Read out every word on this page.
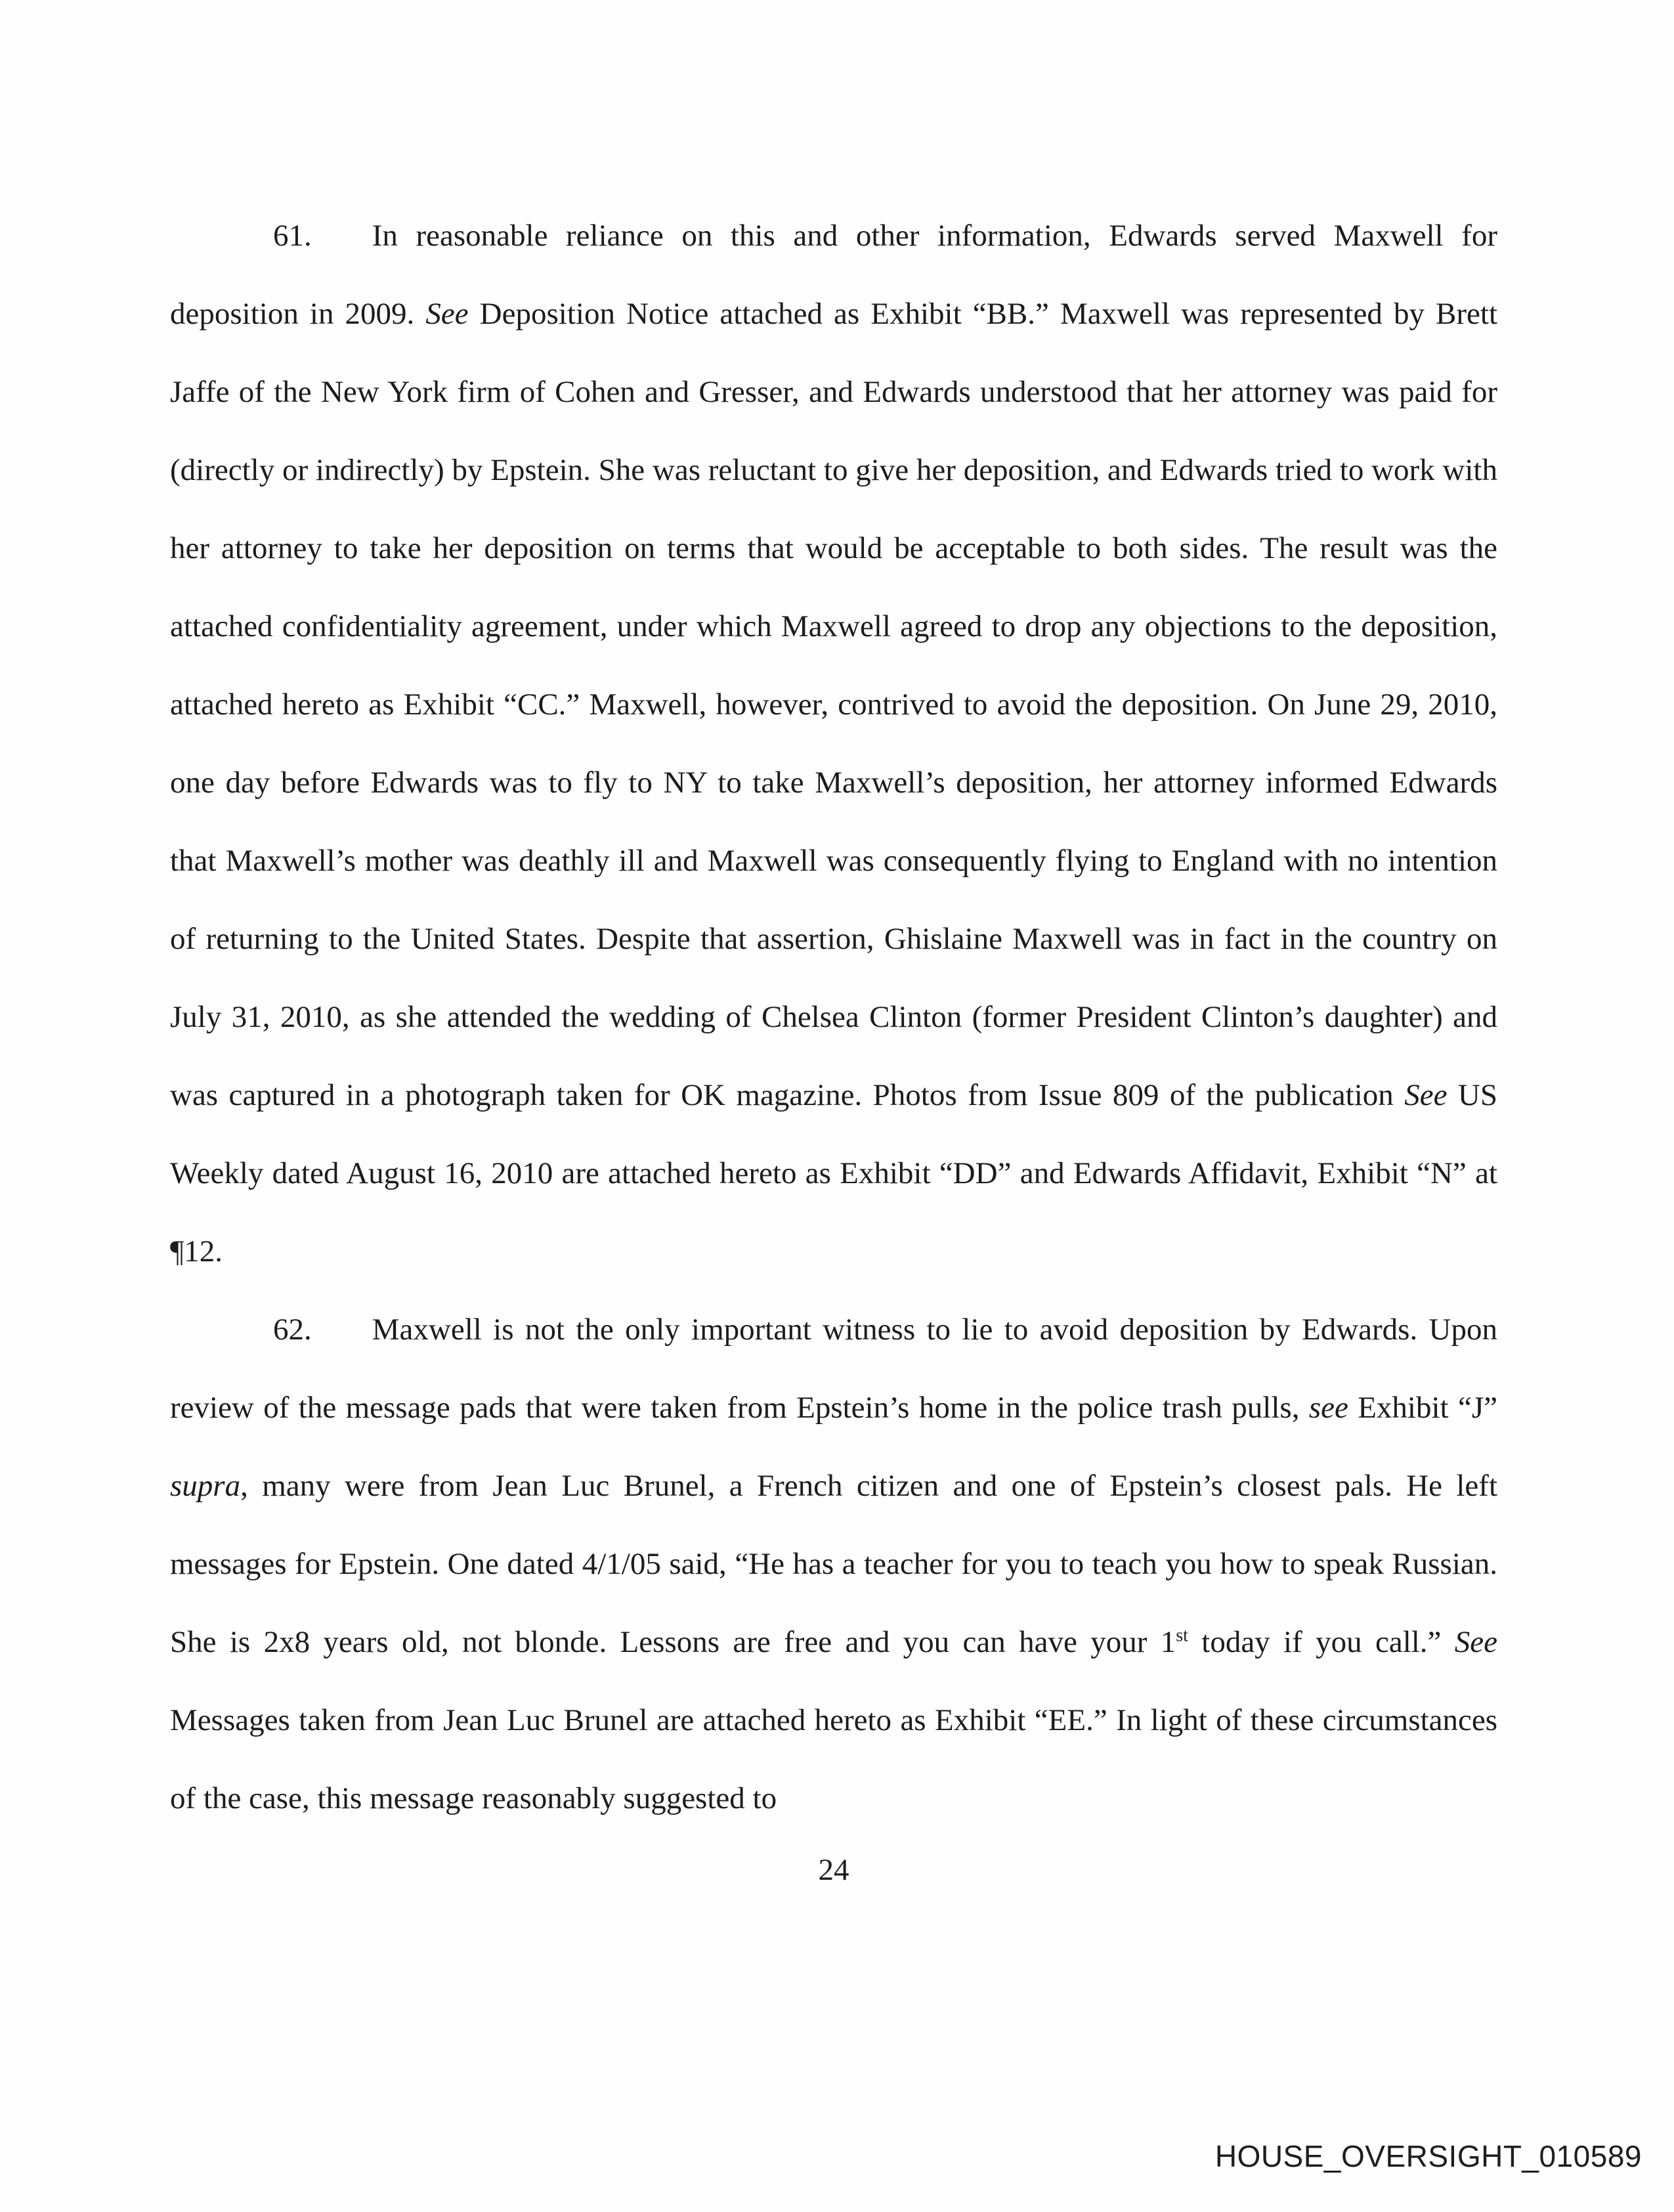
61. In reasonable reliance on this and other information, Edwards served Maxwell for deposition in 2009. See Deposition Notice attached as Exhibit “BB.” Maxwell was represented by Brett Jaffe of the New York firm of Cohen and Gresser, and Edwards understood that her attorney was paid for (directly or indirectly) by Epstein. She was reluctant to give her deposition, and Edwards tried to work with her attorney to take her deposition on terms that would be acceptable to both sides. The result was the attached confidentiality agreement, under which Maxwell agreed to drop any objections to the deposition, attached hereto as Exhibit “CC.” Maxwell, however, contrived to avoid the deposition. On June 29, 2010, one day before Edwards was to fly to NY to take Maxwell’s deposition, her attorney informed Edwards that Maxwell’s mother was deathly ill and Maxwell was consequently flying to England with no intention of returning to the United States. Despite that assertion, Ghislaine Maxwell was in fact in the country on July 31, 2010, as she attended the wedding of Chelsea Clinton (former President Clinton’s daughter) and was captured in a photograph taken for OK magazine. Photos from Issue 809 of the publication See US Weekly dated August 16, 2010 are attached hereto as Exhibit “DD” and Edwards Affidavit, Exhibit “N” at ¶12.

62. Maxwell is not the only important witness to lie to avoid deposition by Edwards. Upon review of the message pads that were taken from Epstein’s home in the police trash pulls, see Exhibit “J” supra, many were from Jean Luc Brunel, a French citizen and one of Epstein’s closest pals. He left messages for Epstein. One dated 4/1/05 said, “He has a teacher for you to teach you how to speak Russian. She is 2x8 years old, not blonde. Lessons are free and you can have your 1st today if you call.” See Messages taken from Jean Luc Brunel are attached hereto as Exhibit “EE.” In light of these circumstances of the case, this message reasonably suggested to

24
HOUSE_OVERSIGHT_010589
